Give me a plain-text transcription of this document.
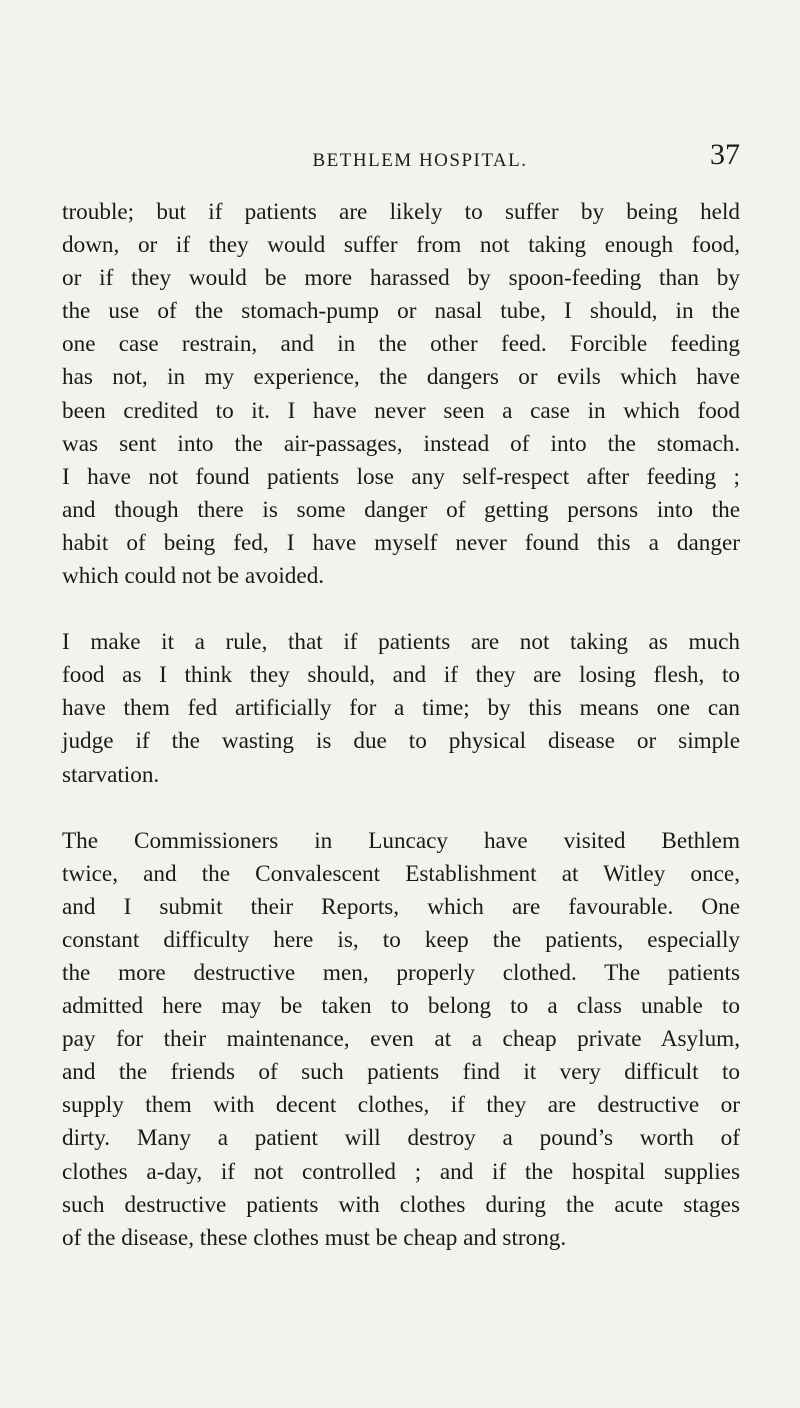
BETHLEM HOSPITAL.	37

trouble; but if patients are likely to suffer by being held
down, or if they would suffer from not taking enough food,
or if they would be more harassed by spoon-feeding than by
the use of the stomach-pump or nasal tube, I should, in the
one case restrain, and in the other feed. Forcible feeding
has not, in my experience, the dangers or evils which have
been credited to it. I have never seen a case in which food
was sent into the air-passages, instead of into the stomach.
I have not found patients lose any self-respect after feeding ;
and though there is some danger of getting persons into the
habit of being fed, I have myself never found this a danger
which could not be avoided.

I make it a rule, that if patients are not taking as much
food as I think they should, and if they are losing flesh, to
have them fed artificially for a time; by this means one can
judge if the wasting is due to physical disease or simple
starvation.

The Commissioners in Luncacy have visited Bethlem
twice, and the Convalescent Establishment at Witley once,
and I submit their Reports, which are favourable. One
constant difficulty here is, to keep the patients, especially
the more destructive men, properly clothed. The patients
admitted here may be taken to belong to a class unable to
pay for their maintenance, even at a cheap private Asylum,
and the friends of such patients find it very difficult to
supply them with decent clothes, if they are destructive or
dirty. Many a patient will destroy a pound’s worth of
clothes a-day, if not controlled ; and if the hospital supplies
such destructive patients with clothes during the acute stages
of the disease, these clothes must be cheap and strong.
